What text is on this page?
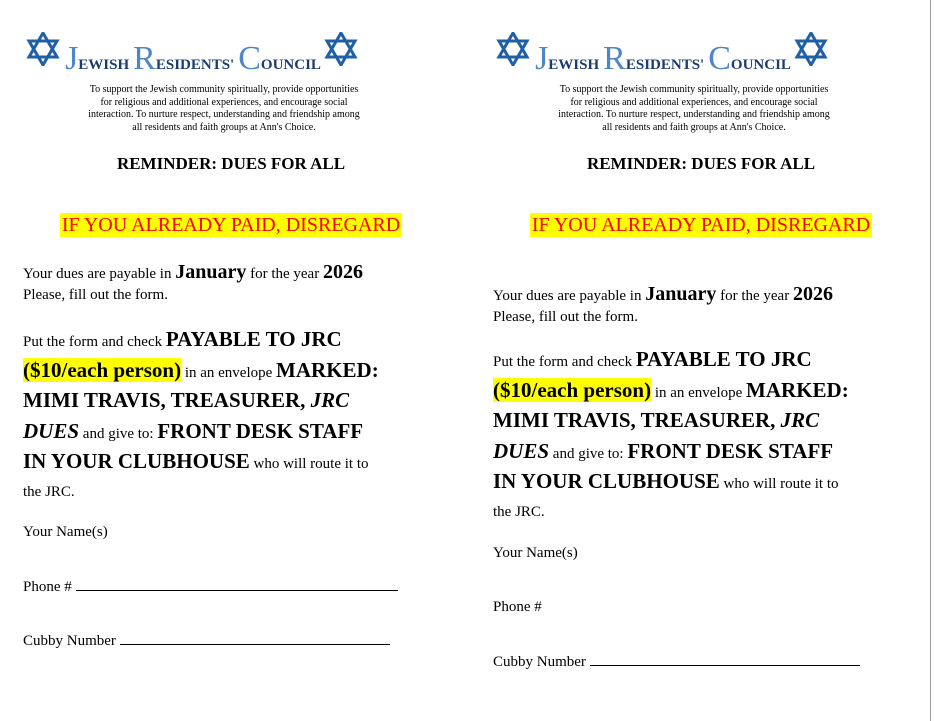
JEWISH RESIDENTS' COUNCIL
To support the Jewish community spiritually, provide opportunities
for religious and additional experiences, and encourage social
interaction. To nurture respect, understanding and friendship among
all residents and faith groups at Ann's Choice.
REMINDER: DUES FOR ALL
IF YOU ALREADY PAID, DISREGARD
Your dues are payable in January for the year 2026
Please, fill out the form.
Put the form and check PAYABLE TO JRC
($10/each person) in an envelope MARKED:
MIMI TRAVIS, TREASURER, JRC
DUES and give to: FRONT DESK STAFF
IN YOUR CLUBHOUSE who will route it to
the JRC.
Your Name(s)
Phone #
Cubby Number
JEWISH RESIDENTS' COUNCIL
To support the Jewish community spiritually, provide opportunities
for religious and additional experiences, and encourage social
interaction. To nurture respect, understanding and friendship among
all residents and faith groups at Ann's Choice.
REMINDER: DUES FOR ALL
IF YOU ALREADY PAID, DISREGARD
Your dues are payable in January for the year 2026
Please, fill out the form.
Put the form and check PAYABLE TO JRC
($10/each person) in an envelope MARKED:
MIMI TRAVIS, TREASURER, JRC
DUES and give to: FRONT DESK STAFF
IN YOUR CLUBHOUSE who will route it to
the JRC.
Your Name(s)
Phone #
Cubby Number
